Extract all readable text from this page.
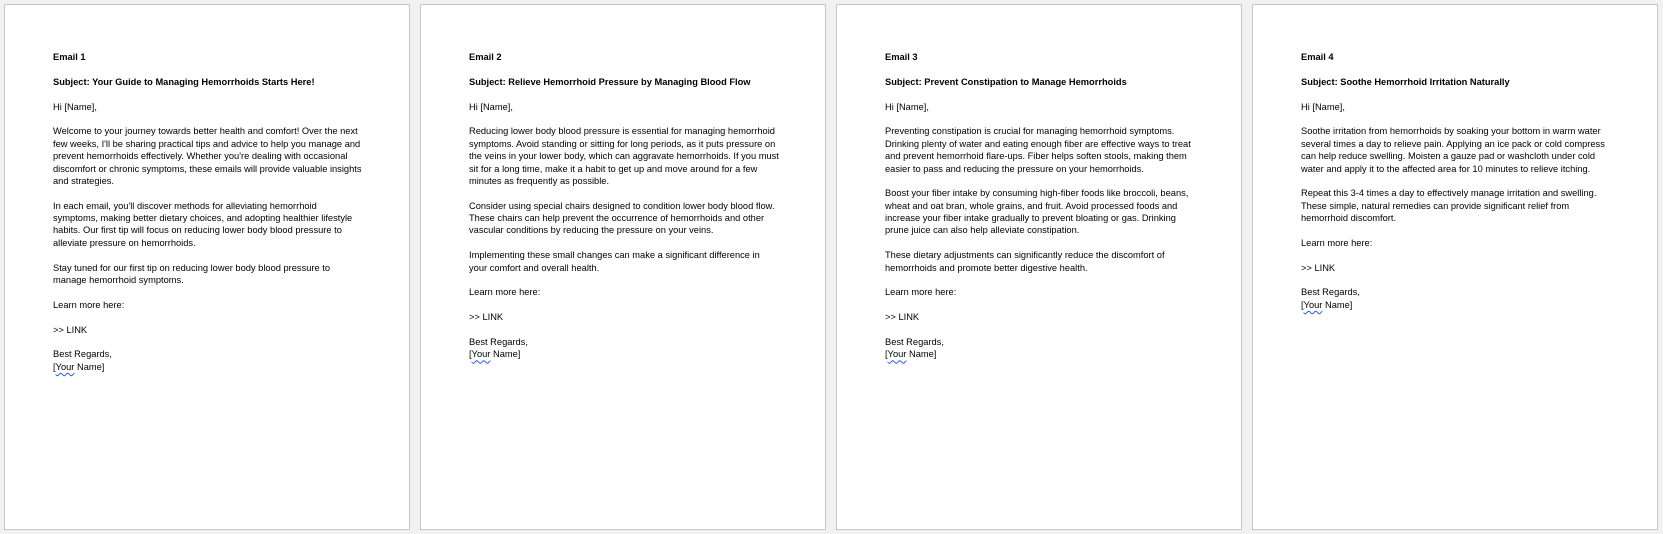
Email 1
Subject: Your Guide to Managing Hemorrhoids Starts Here!
Hi [Name],
Welcome to your journey towards better health and comfort! Over the next
few weeks, I'll be sharing practical tips and advice to help you manage and
prevent hemorrhoids effectively. Whether you're dealing with occasional
discomfort or chronic symptoms, these emails will provide valuable insights
and strategies.
In each email, you'll discover methods for alleviating hemorrhoid
symptoms, making better dietary choices, and adopting healthier lifestyle
habits. Our first tip will focus on reducing lower body blood pressure to
alleviate pressure on hemorrhoids.
Stay tuned for our first tip on reducing lower body blood pressure to
manage hemorrhoid symptoms.
Learn more here:
>> LINK
Best Regards,
[Your Name]
Email 2
Subject: Relieve Hemorrhoid Pressure by Managing Blood Flow
Hi [Name],
Reducing lower body blood pressure is essential for managing hemorrhoid
symptoms. Avoid standing or sitting for long periods, as it puts pressure on
the veins in your lower body, which can aggravate hemorrhoids. If you must
sit for a long time, make it a habit to get up and move around for a few
minutes as frequently as possible.
Consider using special chairs designed to condition lower body blood flow.
These chairs can help prevent the occurrence of hemorrhoids and other
vascular conditions by reducing the pressure on your veins.
Implementing these small changes can make a significant difference in
your comfort and overall health.
Learn more here:
>> LINK
Best Regards,
[Your Name]
Email 3
Subject: Prevent Constipation to Manage Hemorrhoids
Hi [Name],
Preventing constipation is crucial for managing hemorrhoid symptoms.
Drinking plenty of water and eating enough fiber are effective ways to treat
and prevent hemorrhoid flare-ups. Fiber helps soften stools, making them
easier to pass and reducing the pressure on your hemorrhoids.
Boost your fiber intake by consuming high-fiber foods like broccoli, beans,
wheat and oat bran, whole grains, and fruit. Avoid processed foods and
increase your fiber intake gradually to prevent bloating or gas. Drinking
prune juice can also help alleviate constipation.
These dietary adjustments can significantly reduce the discomfort of
hemorrhoids and promote better digestive health.
Learn more here:
>> LINK
Best Regards,
[Your Name]
Email 4
Subject: Soothe Hemorrhoid Irritation Naturally
Hi [Name],
Soothe irritation from hemorrhoids by soaking your bottom in warm water
several times a day to relieve pain. Applying an ice pack or cold compress
can help reduce swelling. Moisten a gauze pad or washcloth under cold
water and apply it to the affected area for 10 minutes to relieve itching.
Repeat this 3-4 times a day to effectively manage irritation and swelling.
These simple, natural remedies can provide significant relief from
hemorrhoid discomfort.
Learn more here:
>> LINK
Best Regards,
[Your Name]
